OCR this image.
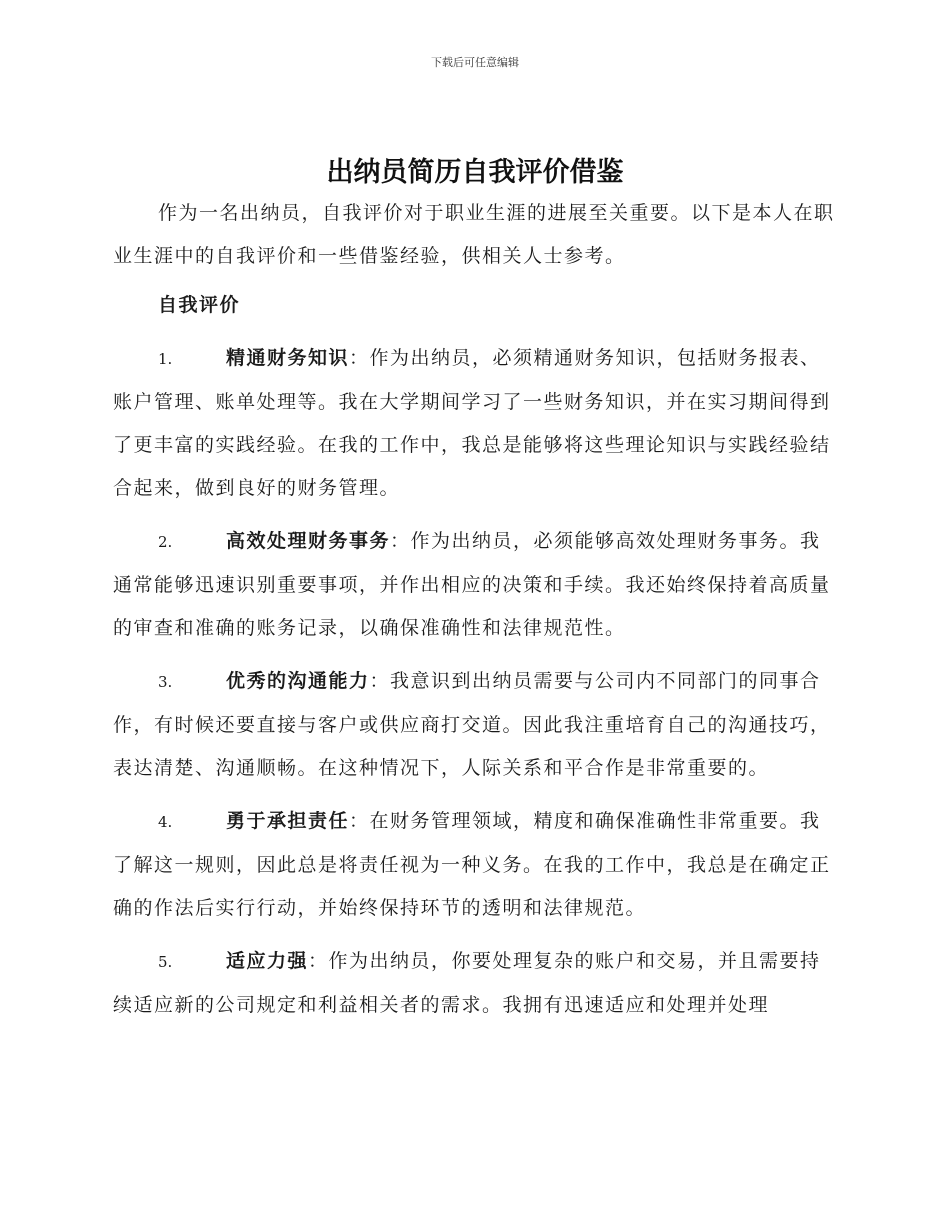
下载后可任意编辑
出纳员简历自我评价借鉴

作为一名出纳员，自我评价对于职业生涯的进展至关重要。以下是本人在职业生涯中的自我评价和一些借鉴经验，供相关人士参考。

自我评价

1.	精通财务知识：作为出纳员，必须精通财务知识，包括财务报表、账户管理、账单处理等。我在大学期间学习了一些财务知识，并在实习期间得到了更丰富的实践经验。在我的工作中，我总是能够将这些理论知识与实践经验结合起来，做到良好的财务管理。

2.	高效处理财务事务：作为出纳员，必须能够高效处理财务事务。我通常能够迅速识别重要事项，并作出相应的决策和手续。我还始终保持着高质量的审查和准确的账务记录，以确保准确性和法律规范性。

3.	优秀的沟通能力：我意识到出纳员需要与公司内不同部门的同事合作，有时候还要直接与客户或供应商打交道。因此我注重培育自己的沟通技巧，表达清楚、沟通顺畅。在这种情况下，人际关系和平合作是非常重要的。

4.	勇于承担责任：在财务管理领域，精度和确保准确性非常重要。我了解这一规则，因此总是将责任视为一种义务。在我的工作中，我总是在确定正确的作法后实行行动，并始终保持环节的透明和法律规范。

5.	适应力强：作为出纳员，你要处理复杂的账户和交易，并且需要持续适应新的公司规定和利益相关者的需求。我拥有迅速适应和处理并处理
